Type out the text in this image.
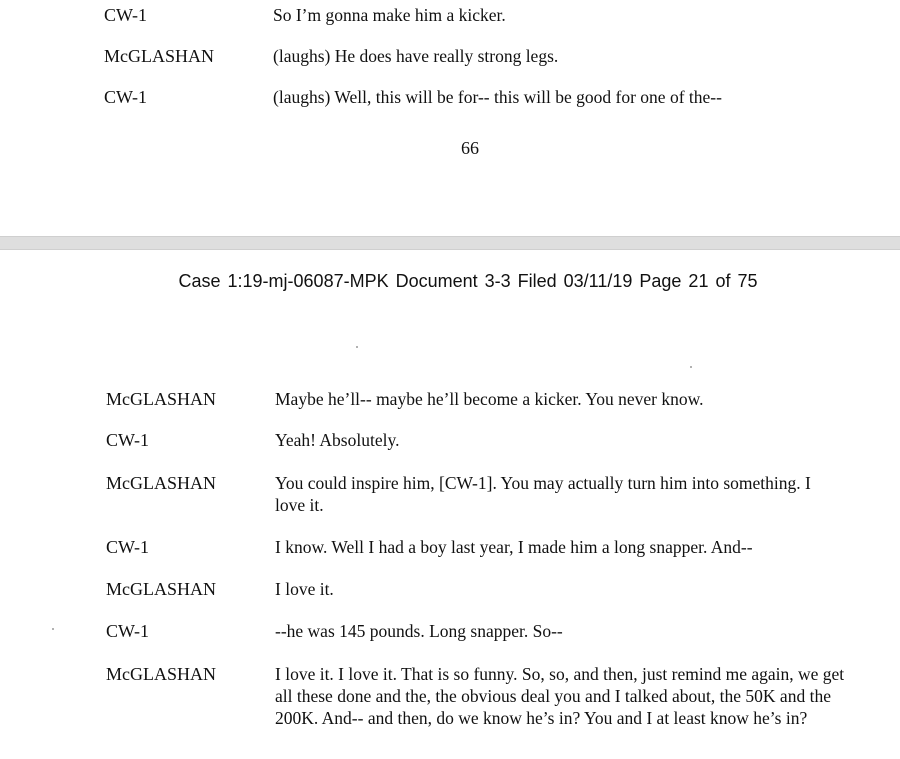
CW-1	So I’m gonna make him a kicker.
McGLASHAN	(laughs) He does have really strong legs.
CW-1	(laughs) Well, this will be for-- this will be good for one of the--
66
Case 1:19-mj-06087-MPK Document 3-3 Filed 03/11/19 Page 21 of 75
McGLASHAN	Maybe he’ll-- maybe he’ll become a kicker. You never know.
CW-1	Yeah! Absolutely.
McGLASHAN	You could inspire him, [CW-1]. You may actually turn him into something. I love it.
CW-1	I know. Well I had a boy last year, I made him a long snapper. And--
McGLASHAN	I love it.
CW-1	--he was 145 pounds. Long snapper. So--
McGLASHAN	I love it. I love it. That is so funny. So, so, and then, just remind me again, we get all these done and the, the obvious deal you and I talked about, the 50K and the 200K. And-- and then, do we know he’s in? You and I at least know he’s in?
